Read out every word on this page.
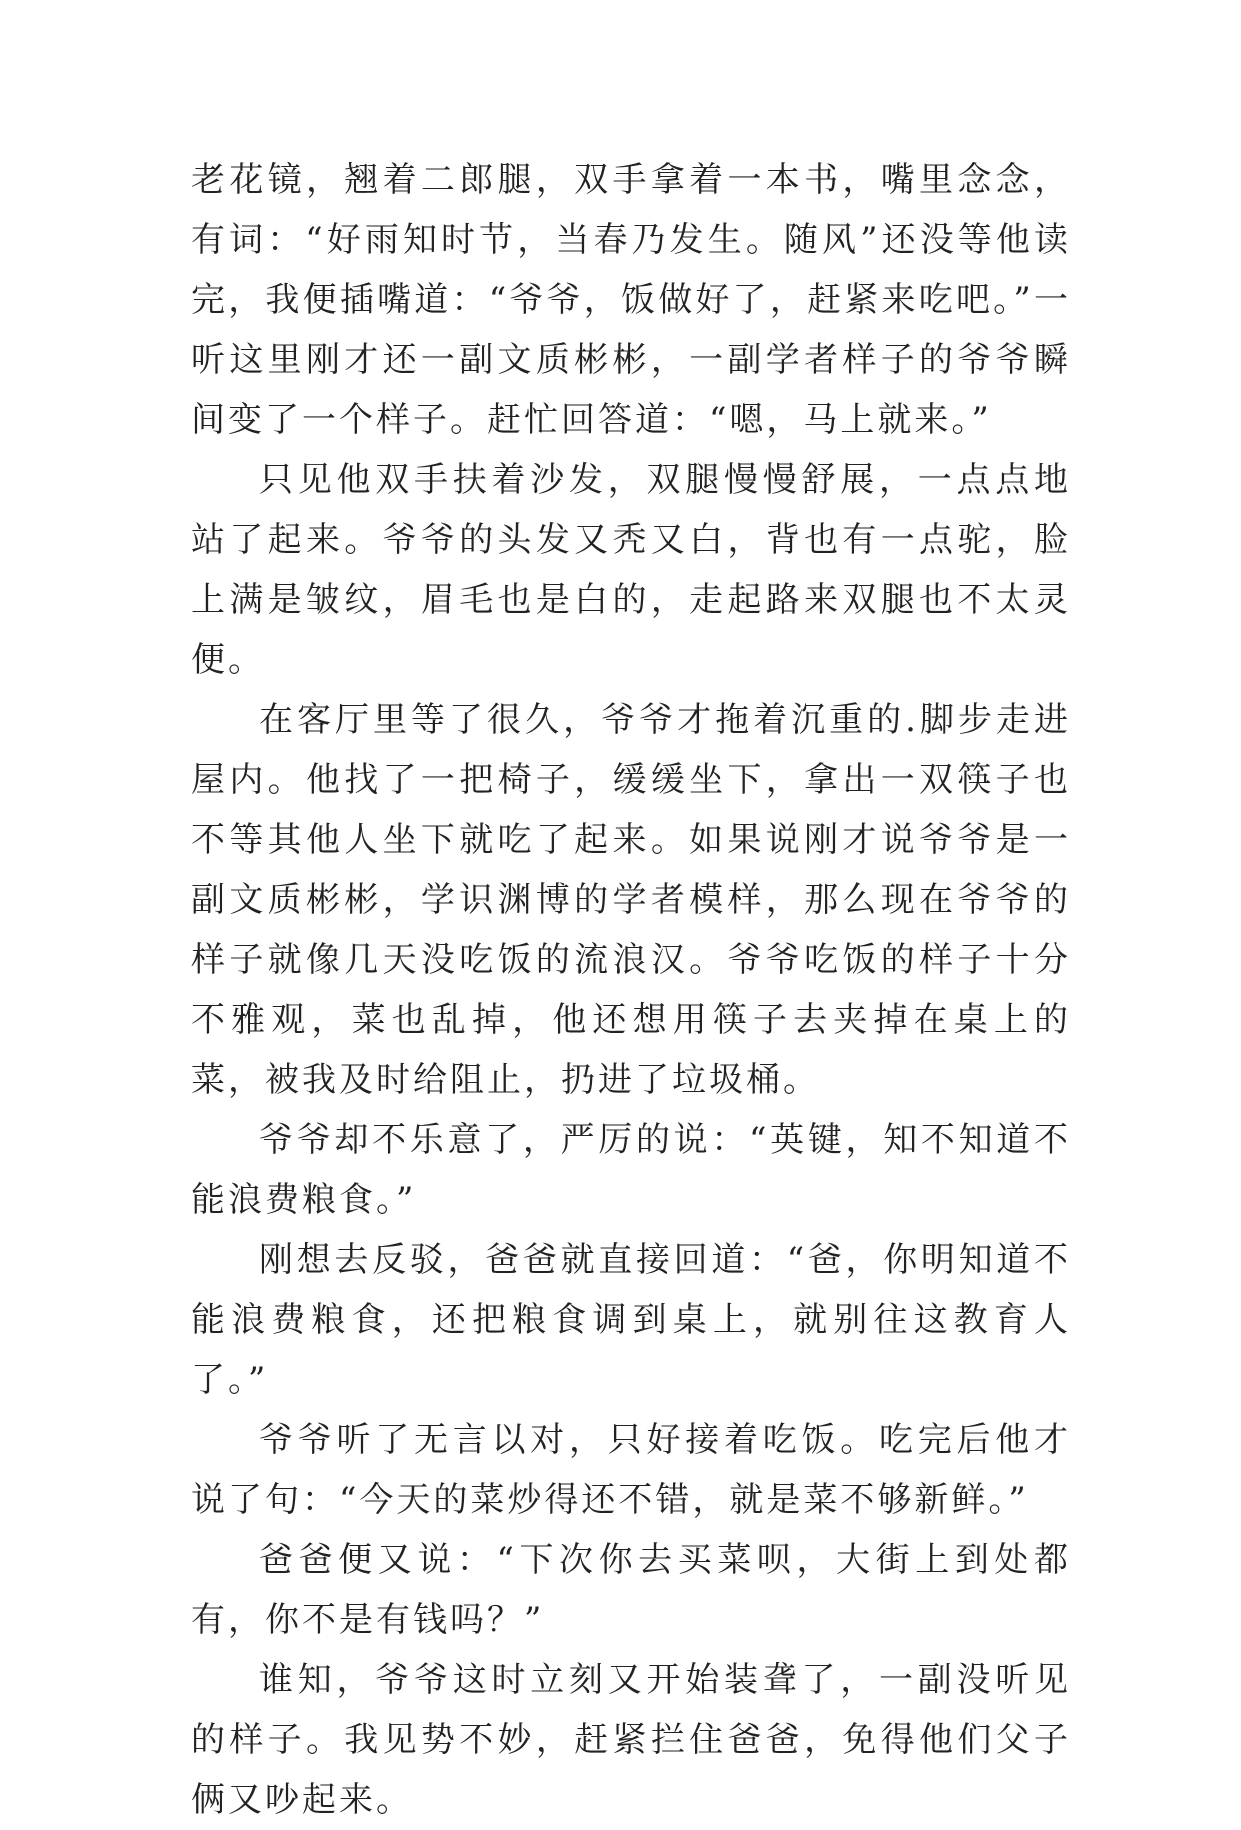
老花镜，翘着二郎腿，双手拿着一本书，嘴里念念，有词：“好雨知时节，当春乃发生。随风”还没等他读完，我便插嘴道：“爷爷，饭做好了，赶紧来吃吧。”一听这里刚才还一副文质彬彬，一副学者样子的爷爷瞬间变了一个样子。赶忙回答道：“嗯，马上就来。”

只见他双手扶着沙发，双腿慢慢舒展，一点点地站了起来。爷爷的头发又秃又白，背也有一点驼，脸上满是皱纹，眉毛也是白的，走起路来双腿也不太灵便。

在客厅里等了很久，爷爷才拖着沉重的.脚步走进屋内。他找了一把椅子，缓缓坐下，拿出一双筷子也不等其他人坐下就吃了起来。如果说刚才说爷爷是一副文质彬彬，学识渊博的学者模样，那么现在爷爷的样子就像几天没吃饭的流浪汉。爷爷吃饭的样子十分不雅观，菜也乱掉，他还想用筷子去夹掉在桌上的菜，被我及时给阻止，扔进了垃圾桶。

爷爷却不乐意了，严厉的说：“英键，知不知道不能浪费粮食。”

刚想去反驳，爸爸就直接回道：“爸，你明知道不能浪费粮食，还把粮食调到桌上，就别往这教育人了。”

爷爷听了无言以对，只好接着吃饭。吃完后他才说了句：“今天的菜炒得还不错，就是菜不够新鲜。”

爸爸便又说：“下次你去买菜呗，大街上到处都有，你不是有钱吗？”

谁知，爷爷这时立刻又开始装聋了，一副没听见的样子。我见势不妙，赶紧拦住爸爸，免得他们父子俩又吵起来。
